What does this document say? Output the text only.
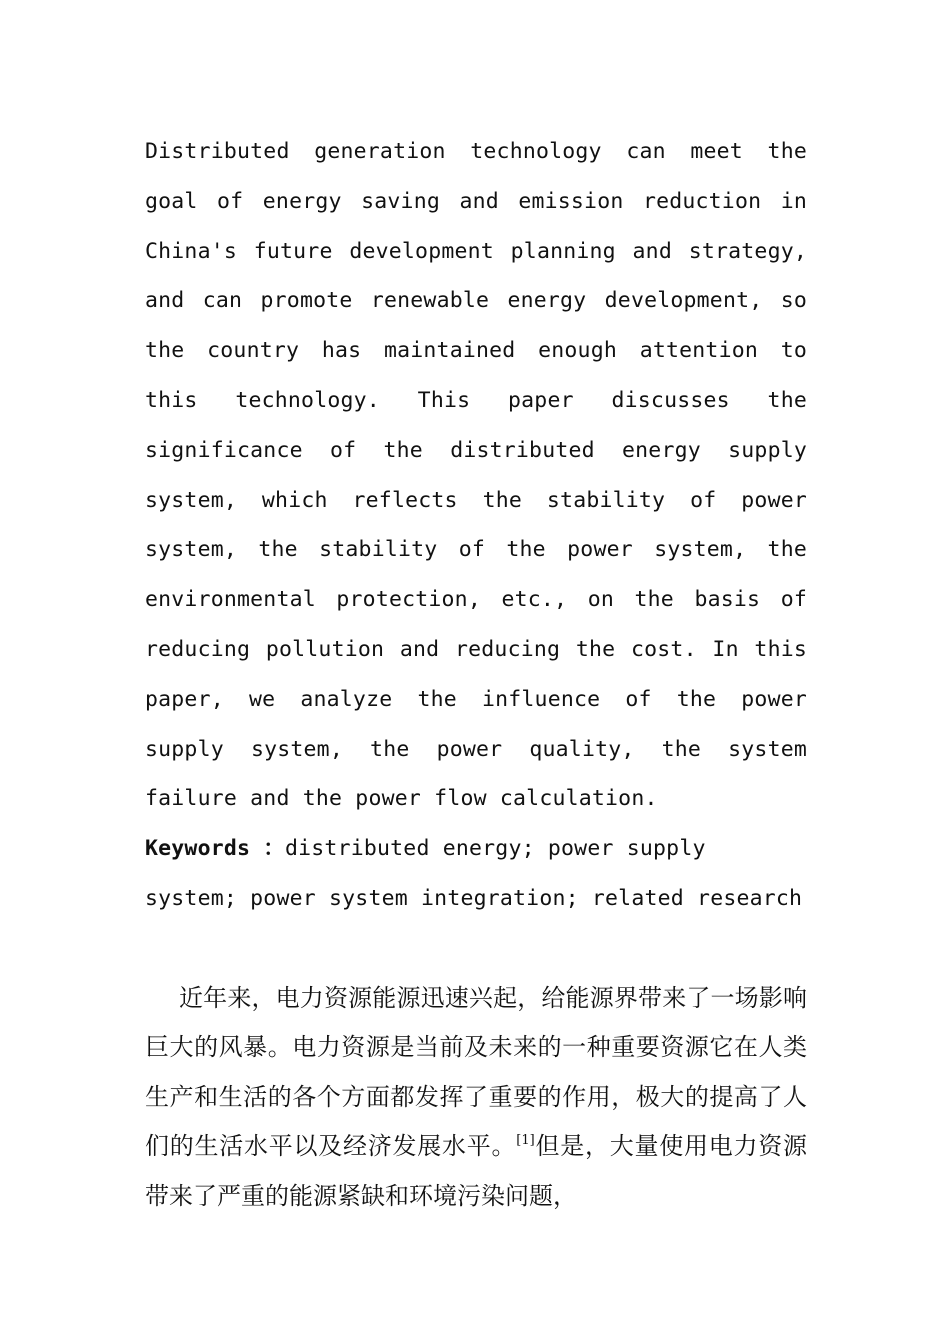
Distributed generation technology can meet the goal of energy saving and emission reduction in China's future development planning and strategy, and can promote renewable energy development, so the country has maintained enough attention to this technology. This paper discusses the significance of the distributed energy supply system, which reflects the stability of power system, the stability of the power system, the environmental protection, etc., on the basis of reducing pollution and reducing the cost. In this paper, we analyze the influence of the power supply system, the power quality, the system failure and the power flow calculation.

Keywords ：distributed energy; power supply system; power system integration; related research

近年来，电力资源能源迅速兴起，给能源界带来了一场影响巨大的风暴。电力资源是当前及未来的一种重要资源它在人类生产和生活的各个方面都发挥了重要的作用，极大的提高了人们的生活水平以及经济发展水平。[1]但是，大量使用电力资源带来了严重的能源紧缺和环境污染问题，
